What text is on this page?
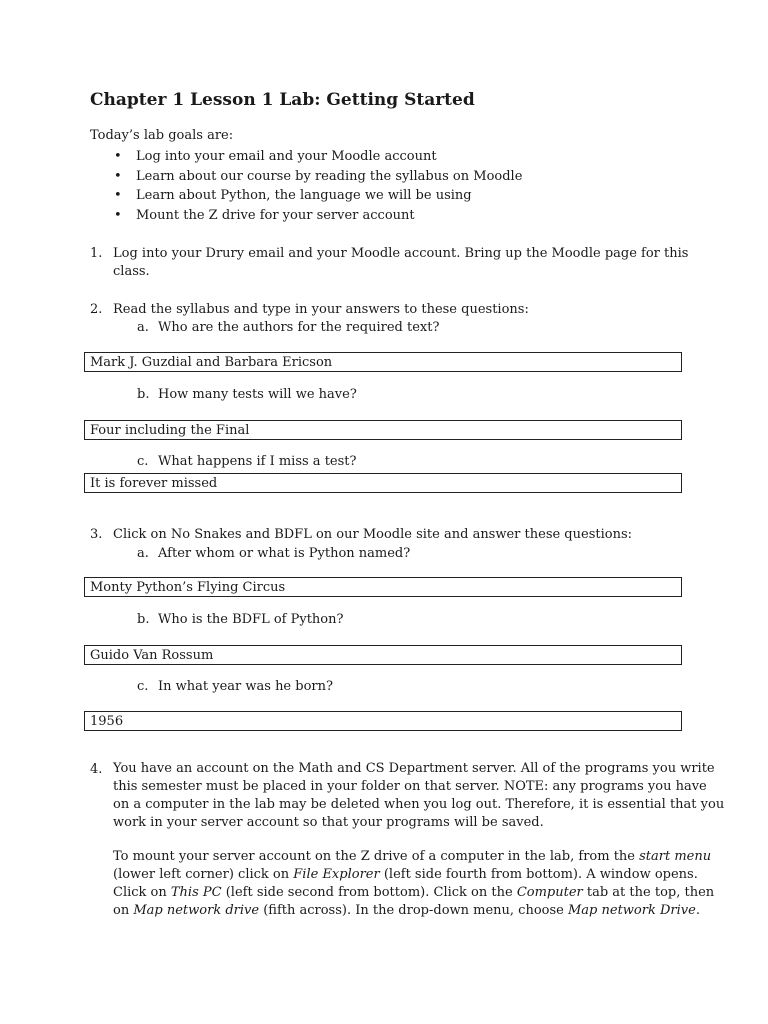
Chapter 1 Lesson 1 Lab: Getting Started
Today’s lab goals are:
• Log into your email and your Moodle account
• Learn about our course by reading the syllabus on Moodle
• Learn about Python, the language we will be using
• Mount the Z drive for your server account
1. Log into your Drury email and your Moodle account. Bring up the Moodle page for this
class.
2. Read the syllabus and type in your answers to these questions:
a. Who are the authors for the required text?
Mark J. Guzdial and Barbara Ericson
b. How many tests will we have?
Four including the Final
c. What happens if I miss a test?
It is forever missed
3. Click on No Snakes and BDFL on our Moodle site and answer these questions:
a. After whom or what is Python named?
Monty Python’s Flying Circus
b. Who is the BDFL of Python?
Guido Van Rossum
c. In what year was he born?
1956
4. You have an account on the Math and CS Department server. All of the programs you write
this semester must be placed in your folder on that server. NOTE: any programs you have
on a computer in the lab may be deleted when you log out. Therefore, it is essential that you
work in your server account so that your programs will be saved.
To mount your server account on the Z drive of a computer in the lab, from the start menu
(lower left corner) click on File Explorer (left side fourth from bottom). A window opens.
Click on This PC (left side second from bottom). Click on the Computer tab at the top, then
on Map network drive (fifth across). In the drop-down menu, choose Map network Drive.
